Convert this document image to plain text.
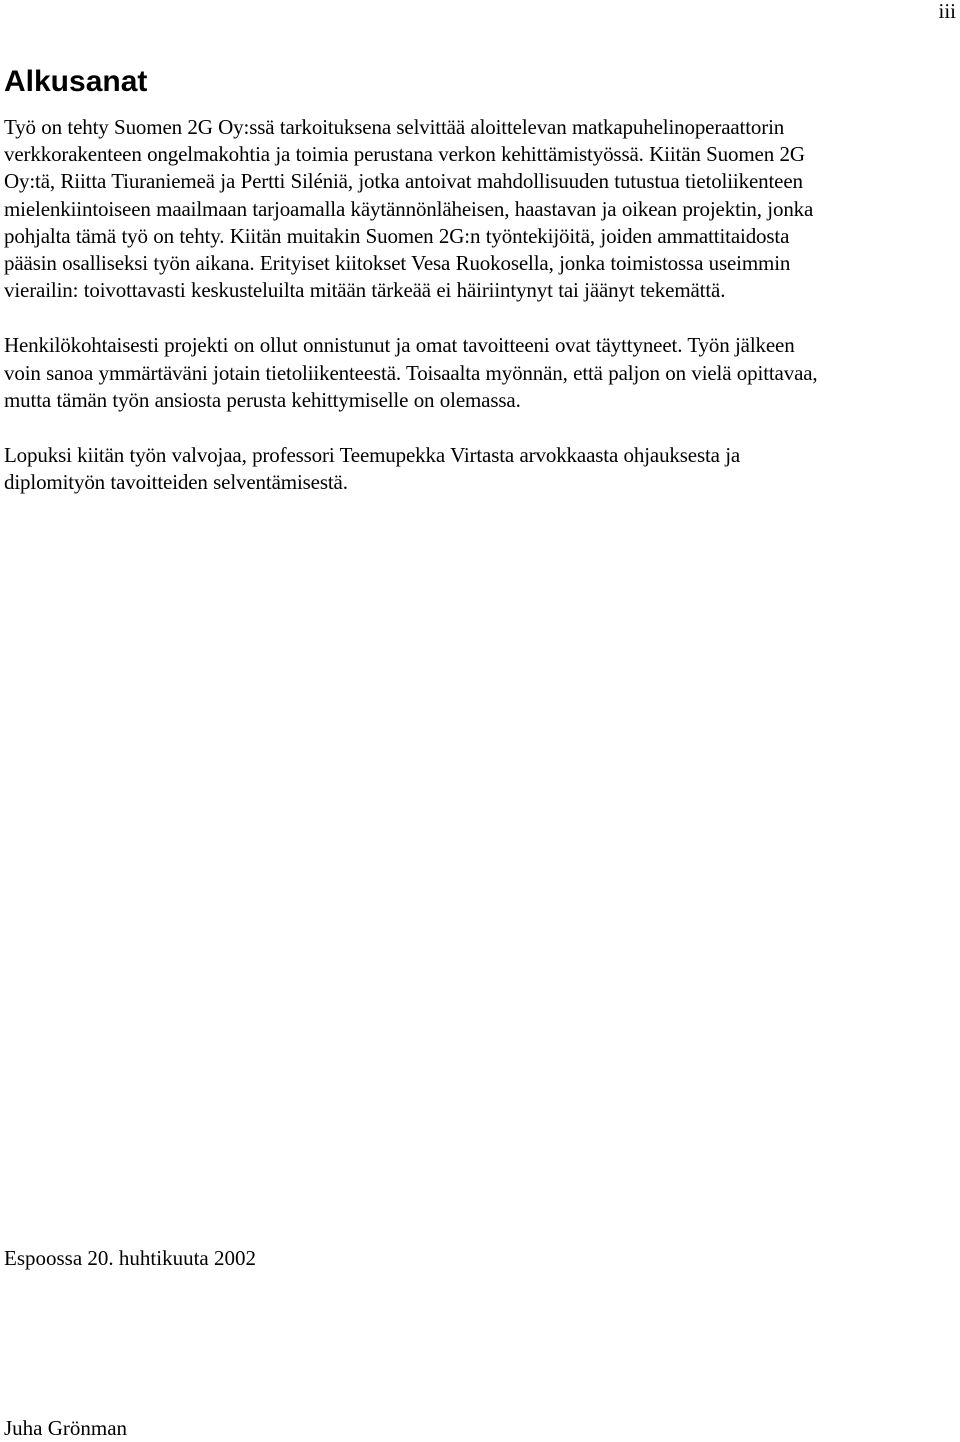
iii
Alkusanat

Työ on tehty Suomen 2G Oy:ssä tarkoituksena selvittää aloittelevan matkapuhelinoperaattorin
verkkorakenteen ongelmakohtia ja toimia perustana verkon kehittämistyössä. Kiitän Suomen 2G
Oy:tä, Riitta Tiuraniemeä ja Pertti Siléniä, jotka antoivat mahdollisuuden tutustua tietoliikenteen
mielenkiintoiseen maailmaan tarjoamalla käytännönläheisen, haastavan ja oikean projektin, jonka
pohjalta tämä työ on tehty. Kiitän muitakin Suomen 2G:n työntekijöitä, joiden ammattitaidosta
pääsin osalliseksi työn aikana. Erityiset kiitokset Vesa Ruokosella, jonka toimistossa useimmin
vierailin: toivottavasti keskusteluilta mitään tärkeää ei häiriintynyt tai jäänyt tekemättä.

Henkilökohtaisesti projekti on ollut onnistunut ja omat tavoitteeni ovat täyttyneet. Työn jälkeen
voin sanoa ymmärtäväni jotain tietoliikenteestä. Toisaalta myönnän, että paljon on vielä opittavaa,
mutta tämän työn ansiosta perusta kehittymiselle on olemassa.

Lopuksi kiitän työn valvojaa, professori Teemupekka Virtasta arvokkaasta ohjauksesta ja
diplomityön tavoitteiden selventämisestä.

Espoossa 20. huhtikuuta 2002

Juha Grönman
